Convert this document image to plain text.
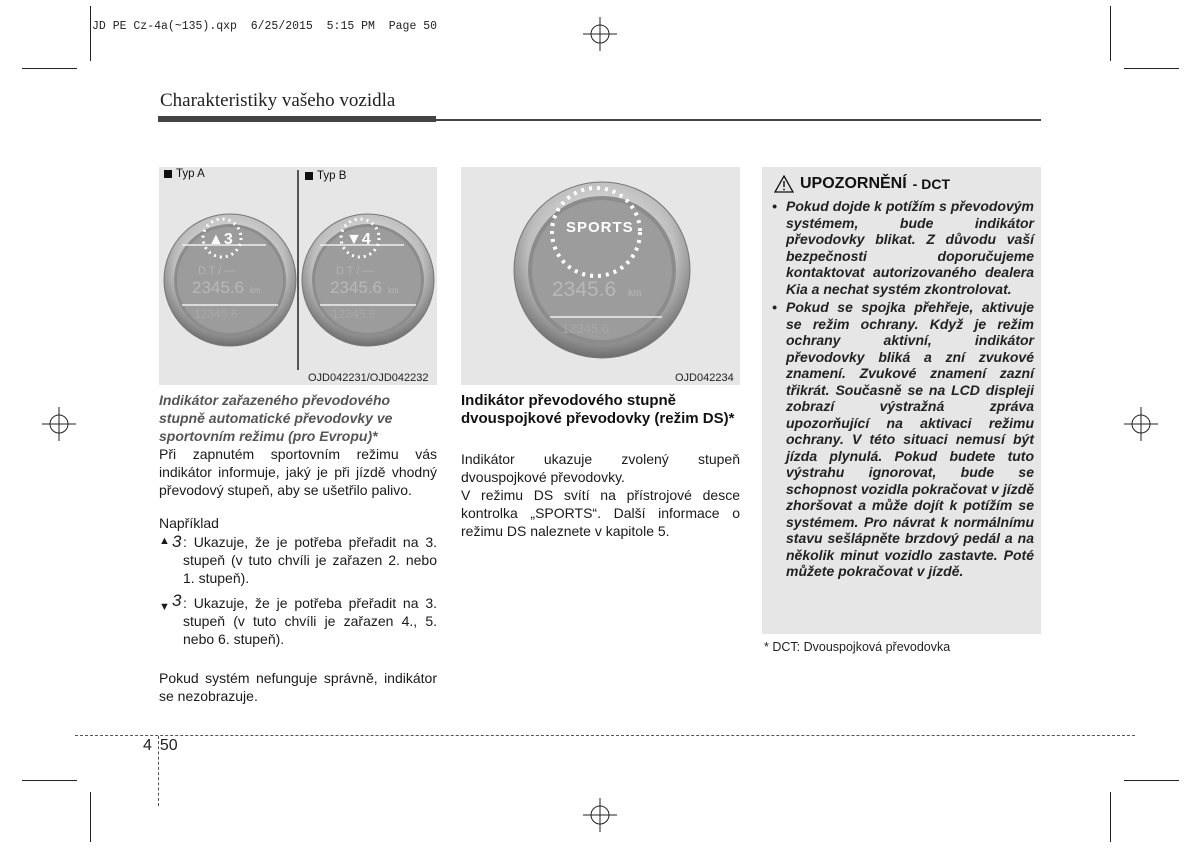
JD PE Cz-4a(~135).qxp  6/25/2015  5:15 PM  Page 50
Charakteristiky vašeho vozidla
Typ A	Typ B
D T / —
2345.6 km
12345.6
▲3
D T / —
2345.6 km
12345.6
▼4
OJD042231/OJD042232
2345.6 km
12345.6
SPORTS
OJD042234
Indikátor zařazeného převodového stupně automatické převodovky ve sportovním režimu (pro Evropu)*
Při zapnutém sportovním režimu vás indikátor informuje, jaký je při jízdě vhodný převodový stupeň, aby se ušetřilo palivo.
Například
▲ 3 : Ukazuje, že je potřeba přeřadit na 3. stupeň (v tuto chvíli je zařazen 2. nebo 1. stupeň).
▼ 3 : Ukazuje, že je potřeba přeřadit na 3. stupeň (v tuto chvíli je zařazen 4., 5. nebo 6. stupeň).
Pokud systém nefunguje správně, indikátor se nezobrazuje.
Indikátor převodového stupně dvouspojkové převodovky (režim DS)*
Indikátor ukazuje zvolený stupeň dvouspojkové převodovky.
V režimu DS svítí na přístrojové desce kontrolka „SPORTS“. Další informace o režimu DS naleznete v kapitole 5.
UPOZORNĚNÍ - DCT
• Pokud dojde k potížím s převodovým systémem, bude indikátor převodovky blikat. Z důvodu vaší bezpečnosti doporučujeme kontaktovat autorizovaného dealera Kia a nechat systém zkontrolovat.
• Pokud se spojka přehřeje, aktivuje se režim ochrany. Když je režim ochrany aktivní, indikátor převodovky bliká a zní zvukové znamení. Zvukové znamení zazní třikrát. Současně se na LCD displeji zobrazí výstražná zpráva upozorňující na aktivaci režimu ochrany. V této situaci nemusí být jízda plynulá. Pokud budete tuto výstrahu ignorovat, bude se schopnost vozidla pokračovat v jízdě zhoršovat a může dojít k potížím se systémem. Pro návrat k normálnímu stavu sešlápněte brzdový pedál a na několik minut vozidlo zastavte. Poté můžete pokračovat v jízdě.
* DCT: Dvouspojková převodovka
4 50
